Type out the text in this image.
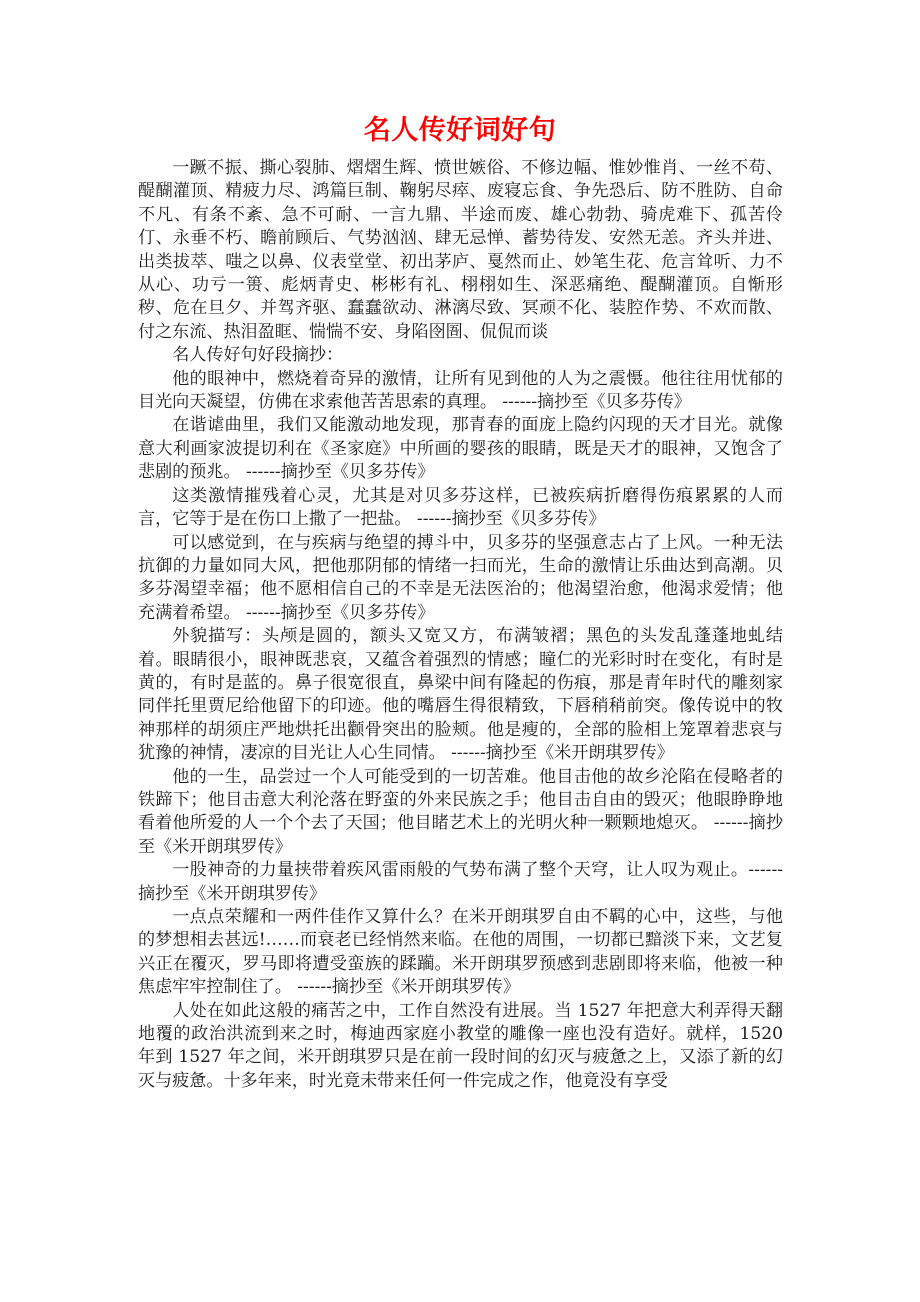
名人传好词好句

一蹶不振、撕心裂肺、熠熠生辉、愤世嫉俗、不修边幅、惟妙惟肖、一丝不苟、醍醐灌顶、精疲力尽、鸿篇巨制、鞠躬尽瘁、废寝忘食、争先恐后、防不胜防、自命不凡、有条不紊、急不可耐、一言九鼎、半途而废、雄心勃勃、骑虎难下、孤苦伶仃、永垂不朽、瞻前顾后、气势汹汹、肆无忌惮、蓄势待发、安然无恙。齐头并进、出类拔萃、嗤之以鼻、仪表堂堂、初出茅庐、戛然而止、妙笔生花、危言耸听、力不从心、功亏一篑、彪炳青史、彬彬有礼、栩栩如生、深恶痛绝、醍醐灌顶。自惭形秽、危在旦夕、并驾齐驱、蠢蠢欲动、淋漓尽致、冥顽不化、装腔作势、不欢而散、付之东流、热泪盈眶、惴惴不安、身陷囹圄、侃侃而谈

名人传好句好段摘抄：

他的眼神中，燃烧着奇异的激情，让所有见到他的人为之震慑。他往往用忧郁的目光向天凝望，仿佛在求索他苦苦思索的真理。 ------摘抄至《贝多芬传》

在谐谑曲里，我们又能激动地发现，那青春的面庞上隐约闪现的天才目光。就像意大利画家波提切利在《圣家庭》中所画的婴孩的眼睛，既是天才的眼神，又饱含了悲剧的预兆。 ------摘抄至《贝多芬传》

这类激情摧残着心灵，尤其是对贝多芬这样，已被疾病折磨得伤痕累累的人而言，它等于是在伤口上撒了一把盐。 ------摘抄至《贝多芬传》

可以感觉到，在与疾病与绝望的搏斗中，贝多芬的坚强意志占了上风。一种无法抗御的力量如同大风，把他那阴郁的情绪一扫而光，生命的激情让乐曲达到高潮。贝多芬渴望幸福；他不愿相信自己的不幸是无法医治的；他渴望治愈，他渴求爱情；他充满着希望。 ------摘抄至《贝多芬传》

外貌描写：头颅是圆的，额头又宽又方，布满皱褶；黑色的头发乱蓬蓬地虬结着。眼睛很小，眼神既悲哀，又蕴含着强烈的情感；瞳仁的光彩时时在变化，有时是黄的，有时是蓝的。鼻子很宽很直，鼻梁中间有隆起的伤痕，那是青年时代的雕刻家同伴托里贾尼给他留下的印迹。他的嘴唇生得很精致，下唇稍稍前突。像传说中的牧神那样的胡须庄严地烘托出颧骨突出的脸颊。他是瘦的，全部的脸相上笼罩着悲哀与犹豫的神情，凄凉的目光让人心生同情。 ------摘抄至《米开朗琪罗传》

他的一生，品尝过一个人可能受到的一切苦难。他目击他的故乡沦陷在侵略者的铁蹄下；他目击意大利沦落在野蛮的外来民族之手；他目击自由的毁灭；他眼睁睁地看着他所爱的人一个个去了天国；他目睹艺术上的光明火种一颗颗地熄灭。 ------摘抄至《米开朗琪罗传》

一股神奇的力量挟带着疾风雷雨般的气势布满了整个天穹，让人叹为观止。------摘抄至《米开朗琪罗传》

一点点荣耀和一两件佳作又算什么？在米开朗琪罗自由不羁的心中，这些，与他的梦想相去甚远!……而衰老已经悄然来临。在他的周围，一切都已黯淡下来，文艺复兴正在覆灭，罗马即将遭受蛮族的蹂躏。米开朗琪罗预感到悲剧即将来临，他被一种焦虑牢牢控制住了。 ------摘抄至《米开朗琪罗传》

人处在如此这般的痛苦之中，工作自然没有进展。当 1527 年把意大利弄得天翻地覆的政治洪流到来之时，梅迪西家庭小教堂的雕像一座也没有造好。就样，1520 年到 1527 年之间，米开朗琪罗只是在前一段时间的幻灭与疲惫之上，又添了新的幻灭与疲惫。十多年来，时光竟未带来任何一件完成之作，他竟没有享受
